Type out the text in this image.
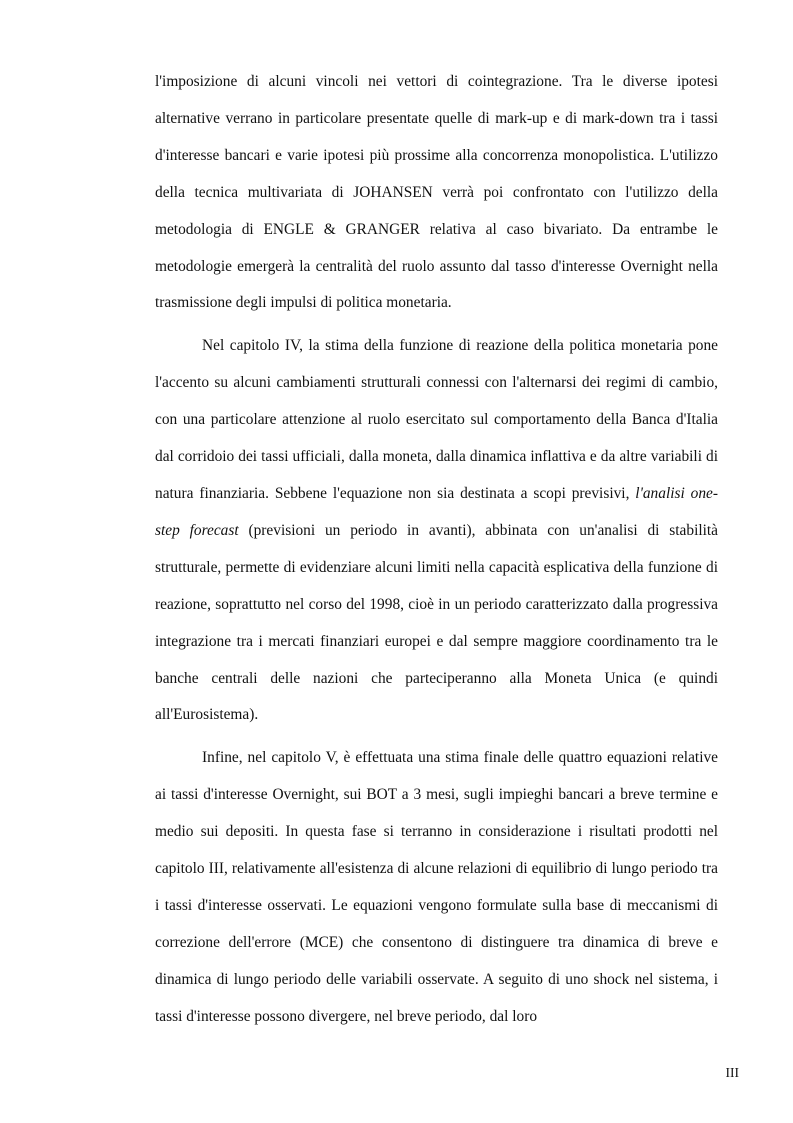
l'imposizione di alcuni vincoli nei vettori di cointegrazione. Tra le diverse ipotesi alternative verrano in particolare presentate quelle di mark-up e di mark-down tra i tassi d'interesse bancari e varie ipotesi più prossime alla concorrenza monopolistica. L'utilizzo della tecnica multivariata di JOHANSEN verrà poi confrontato con l'utilizzo della metodologia di ENGLE & GRANGER relativa al caso bivariato. Da entrambe le metodologie emergerà la centralità del ruolo assunto dal tasso d'interesse Overnight nella trasmissione degli impulsi di politica monetaria.

Nel capitolo IV, la stima della funzione di reazione della politica monetaria pone l'accento su alcuni cambiamenti strutturali connessi con l'alternarsi dei regimi di cambio, con una particolare attenzione al ruolo esercitato sul comportamento della Banca d'Italia dal corridoio dei tassi ufficiali, dalla moneta, dalla dinamica inflattiva e da altre variabili di natura finanziaria. Sebbene l'equazione non sia destinata a scopi previsivi, l'analisi one-step forecast (previsioni un periodo in avanti), abbinata con un'analisi di stabilità strutturale, permette di evidenziare alcuni limiti nella capacità esplicativa della funzione di reazione, soprattutto nel corso del 1998, cioè in un periodo caratterizzato dalla progressiva integrazione tra i mercati finanziari europei e dal sempre maggiore coordinamento tra le banche centrali delle nazioni che parteciperanno alla Moneta Unica (e quindi all'Eurosistema).

Infine, nel capitolo V, è effettuata una stima finale delle quattro equazioni relative ai tassi d'interesse Overnight, sui BOT a 3 mesi, sugli impieghi bancari a breve termine e medio sui depositi. In questa fase si terranno in considerazione i risultati prodotti nel capitolo III, relativamente all'esistenza di alcune relazioni di equilibrio di lungo periodo tra i tassi d'interesse osservati. Le equazioni vengono formulate sulla base di meccanismi di correzione dell'errore (MCE) che consentono di distinguere tra dinamica di breve e dinamica di lungo periodo delle variabili osservate. A seguito di uno shock nel sistema, i tassi d'interesse possono divergere, nel breve periodo, dal loro

III
